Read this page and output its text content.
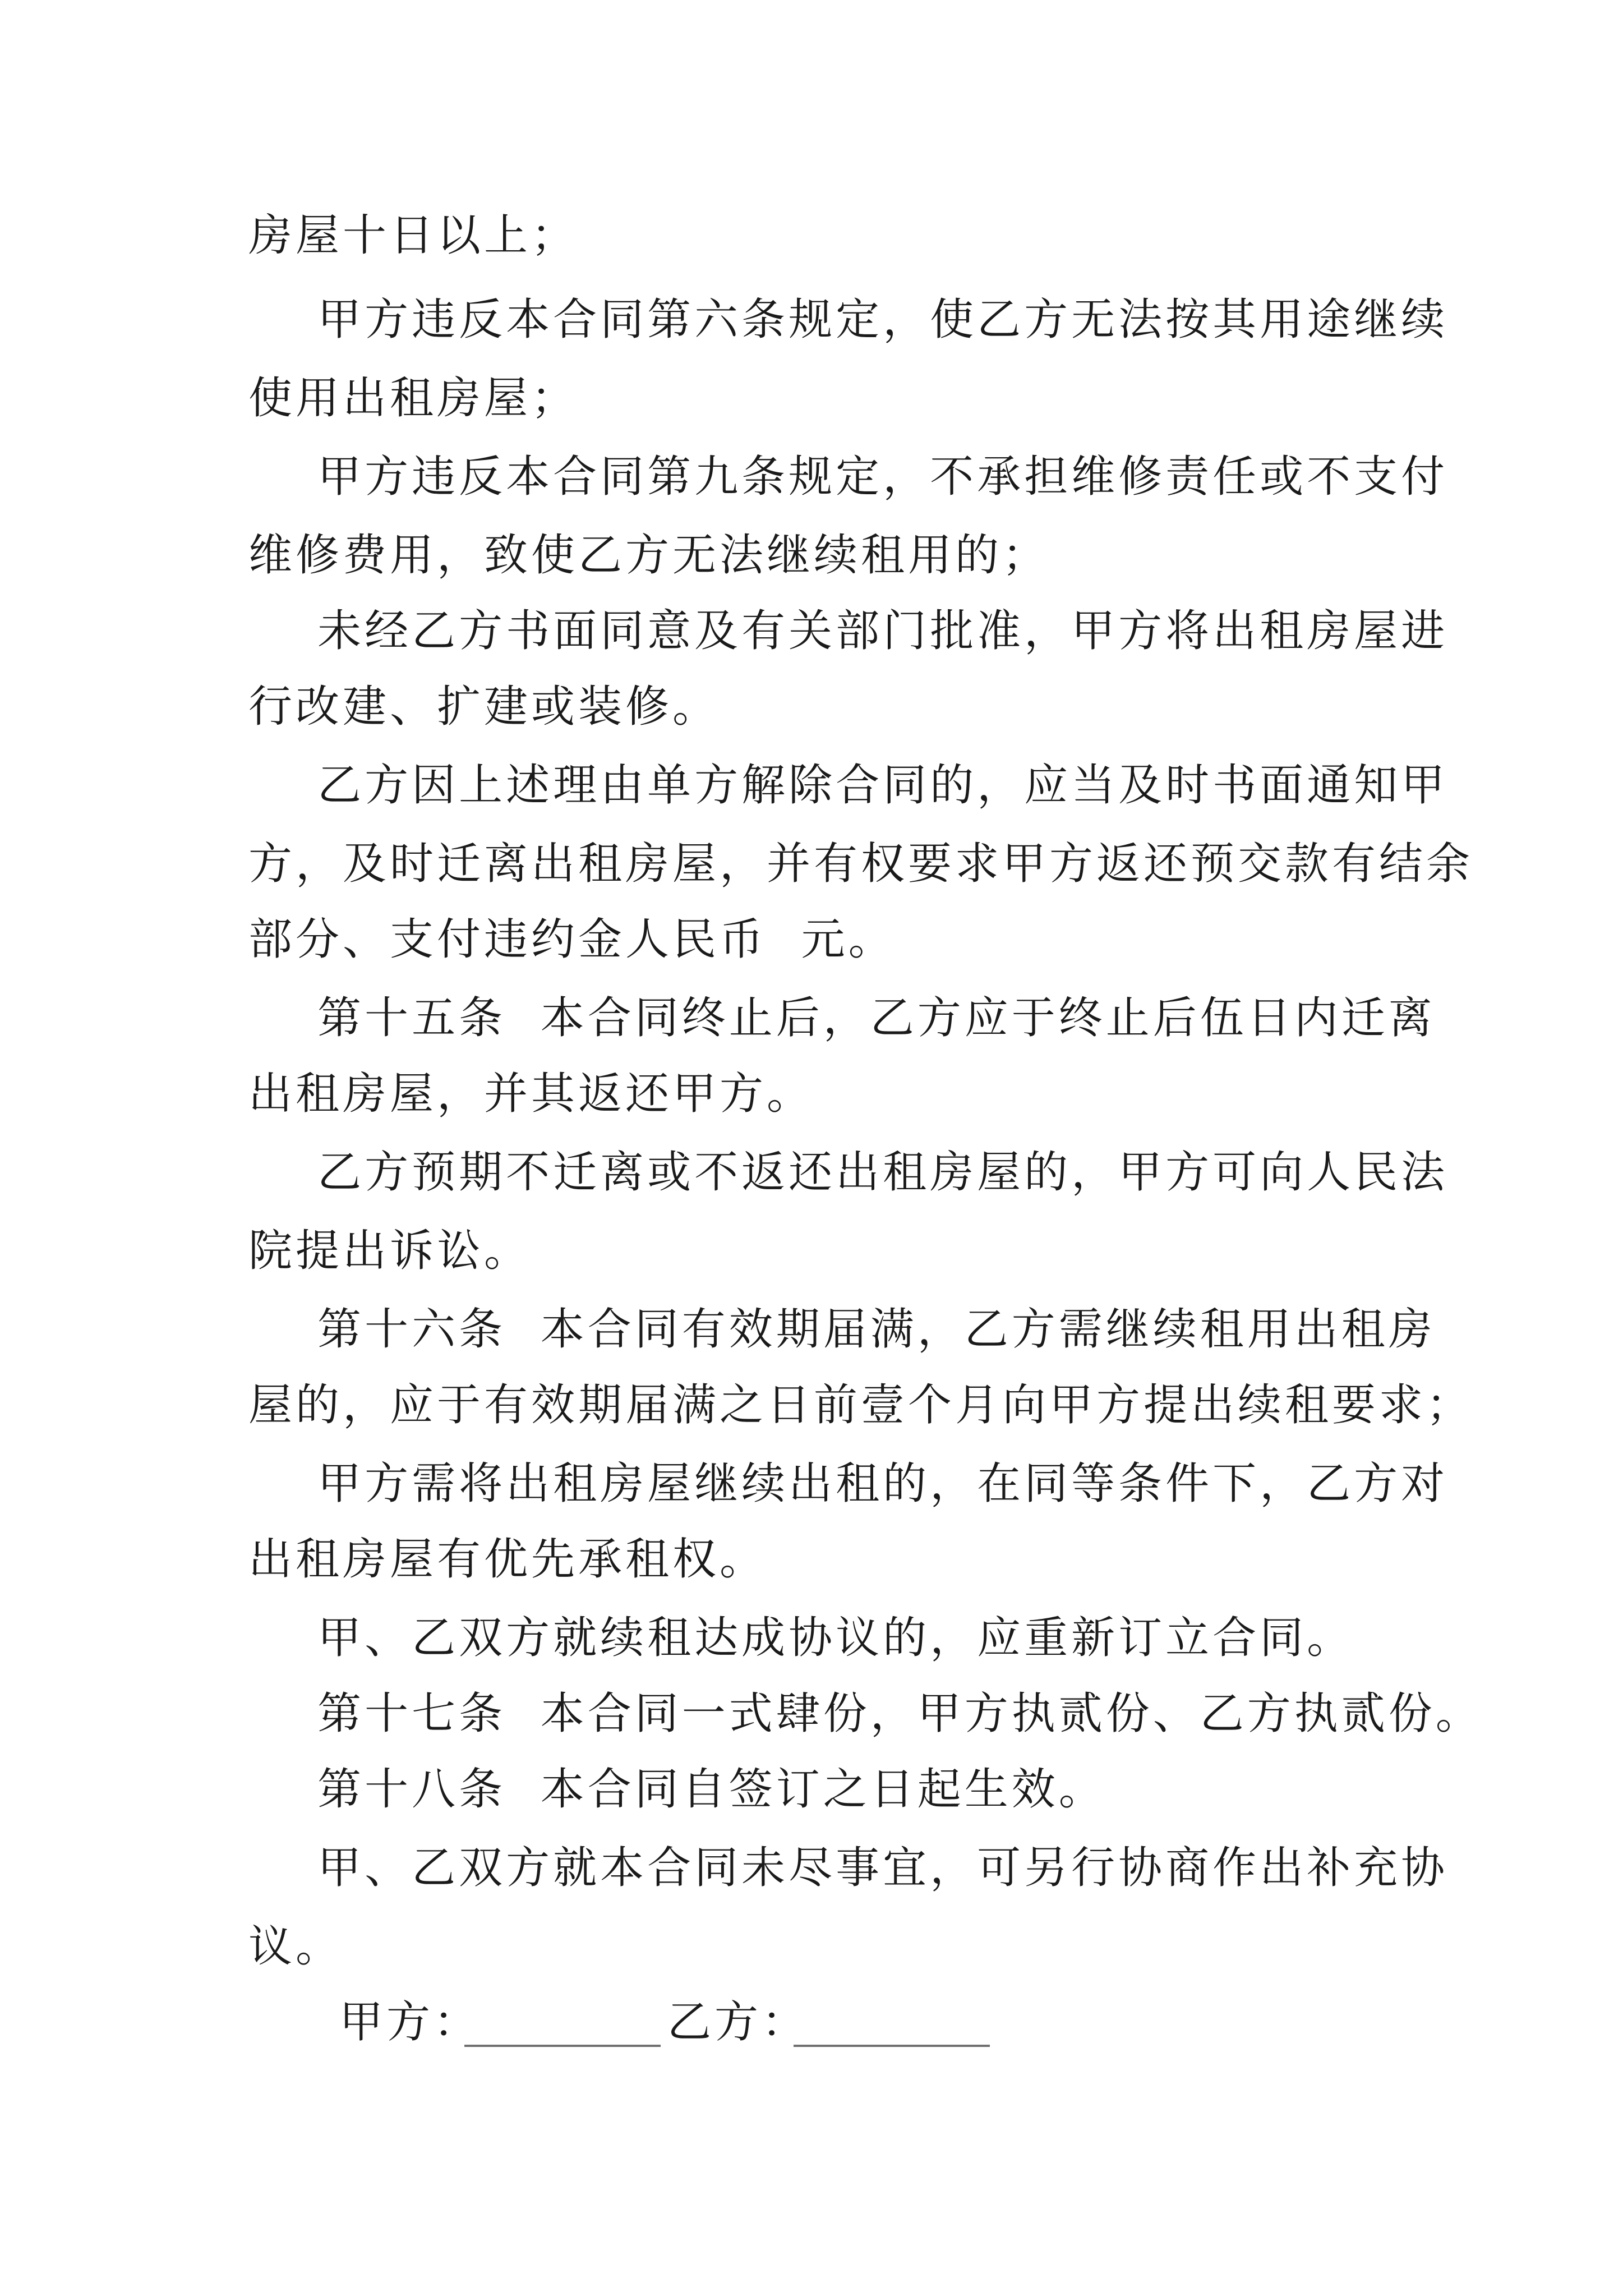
房屋十日以上；
甲方违反本合同第六条规定，使乙方无法按其用途继续
使用出租房屋；
甲方违反本合同第九条规定，不承担维修责任或不支付
维修费用，致使乙方无法继续租用的；
未经乙方书面同意及有关部门批准，甲方将出租房屋进
行改建、扩建或装修。
乙方因上述理由单方解除合同的，应当及时书面通知甲
方，及时迁离出租房屋，并有权要求甲方返还预交款有结余
部分、支付违约金人民币  元。
第十五条  本合同终止后，乙方应于终止后伍日内迁离
出租房屋，并其返还甲方。
乙方预期不迁离或不返还出租房屋的，甲方可向人民法
院提出诉讼。
第十六条  本合同有效期届满，乙方需继续租用出租房
屋的，应于有效期届满之日前壹个月向甲方提出续租要求；
甲方需将出租房屋继续出租的，在同等条件下，乙方对
出租房屋有优先承租权。
甲、乙双方就续租达成协议的，应重新订立合同。
第十七条  本合同一式肆份，甲方执贰份、乙方执贰份。
第十八条  本合同自签订之日起生效。
甲、乙双方就本合同未尽事宜，可另行协商作出补充协
议。
甲方：	乙方：
